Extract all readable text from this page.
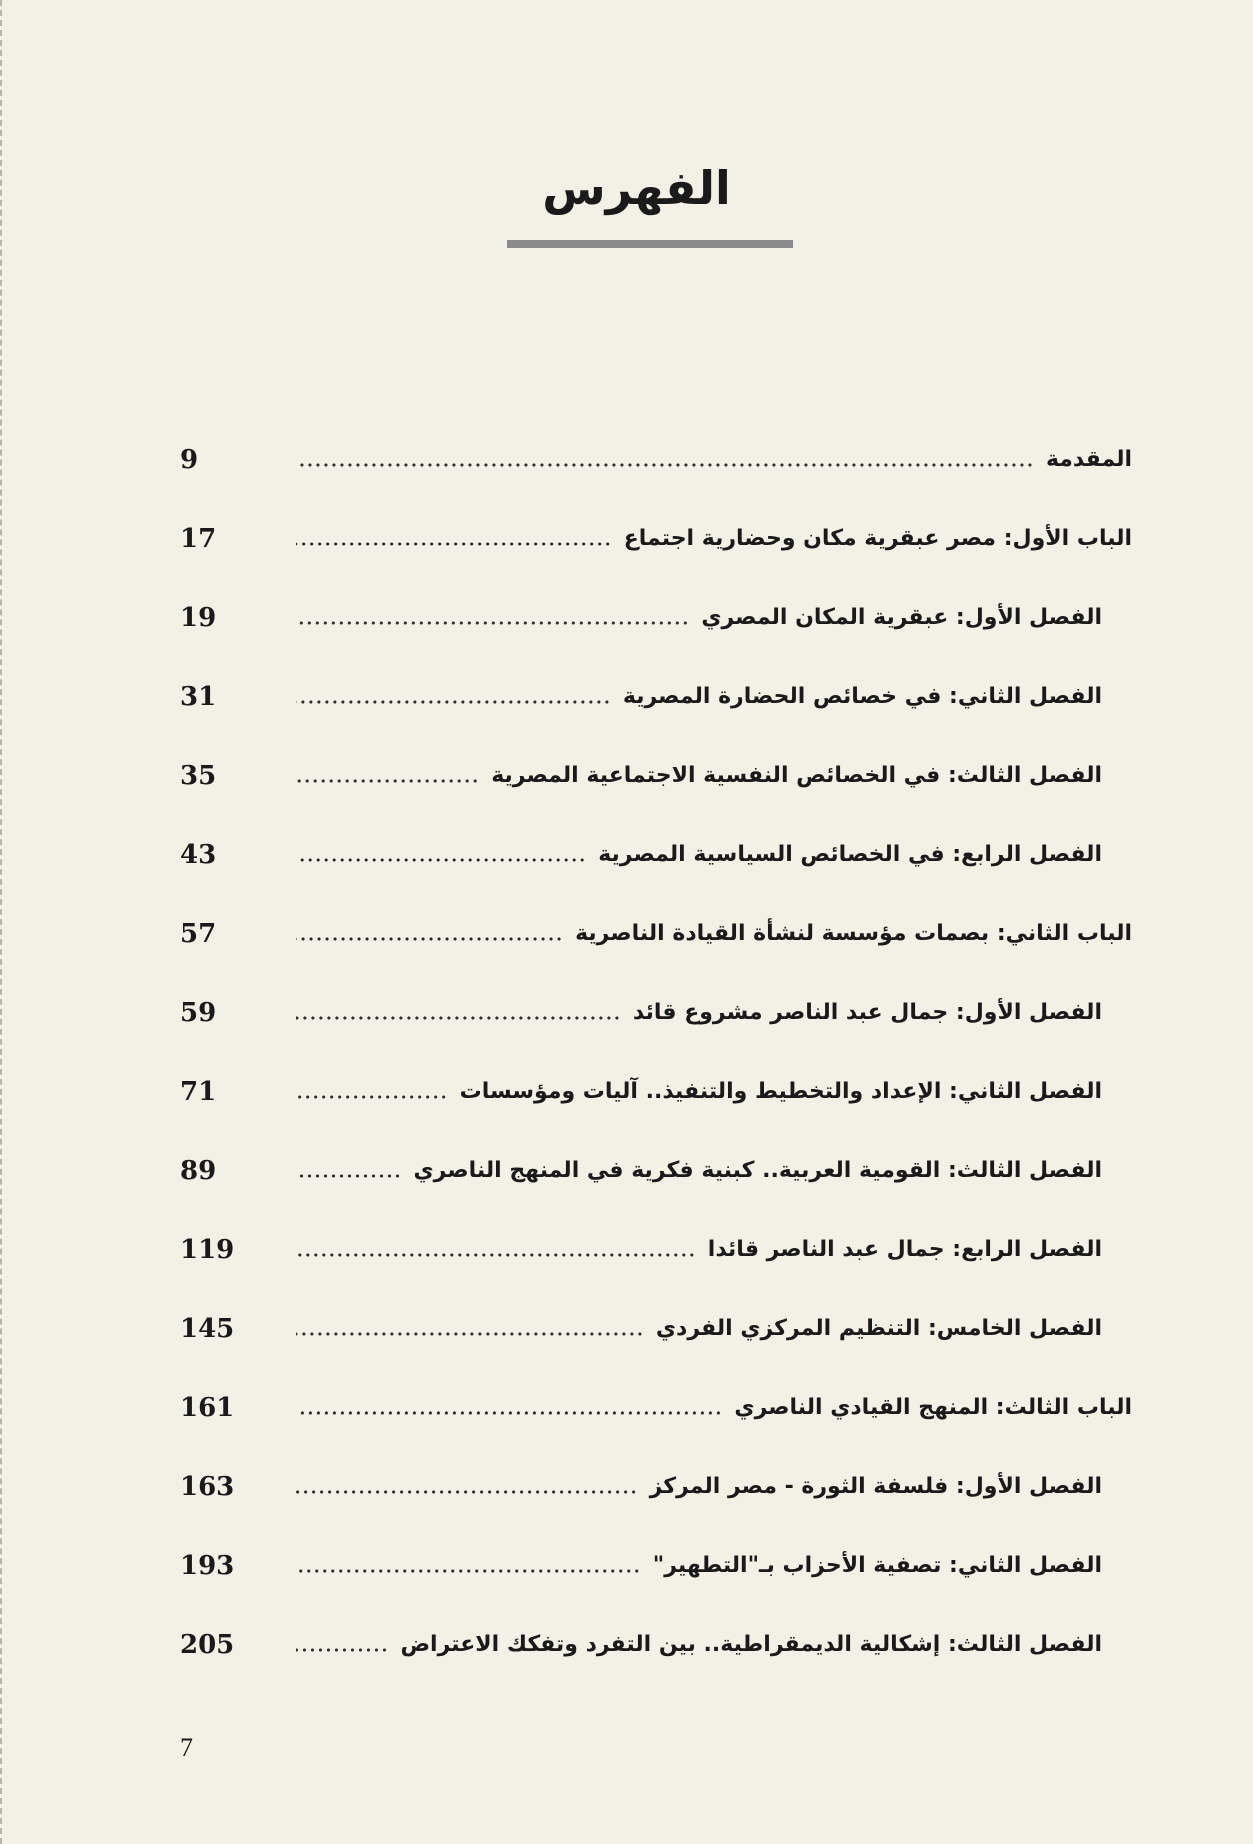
الفهرس
المقدمة
9
الباب الأول: مصر عبقرية مكان وحضارية اجتماع
17
الفصل الأول: عبقرية المكان المصري
19
الفصل الثاني: في خصائص الحضارة المصرية
31
الفصل الثالث: في الخصائص النفسية الاجتماعية المصرية
35
الفصل الرابع: في الخصائص السياسية المصرية
43
الباب الثاني: بصمات مؤسسة لنشأة القيادة الناصرية
57
الفصل الأول: جمال عبد الناصر مشروع قائد
59
الفصل الثاني: الإعداد والتخطيط والتنفيذ.. آليات ومؤسسات
71
الفصل الثالث: القومية العربية.. كبنية فكرية في المنهج الناصري
89
الفصل الرابع: جمال عبد الناصر قائدا
119
الفصل الخامس: التنظيم المركزي الفردي
145
الباب الثالث: المنهج القيادي الناصري
161
الفصل الأول: فلسفة الثورة - مصر المركز
163
الفصل الثاني: تصفية الأحزاب بـ"التطهير"
193
الفصل الثالث: إشكالية الديمقراطية.. بين التفرد وتفكك الاعتراض
205
7
